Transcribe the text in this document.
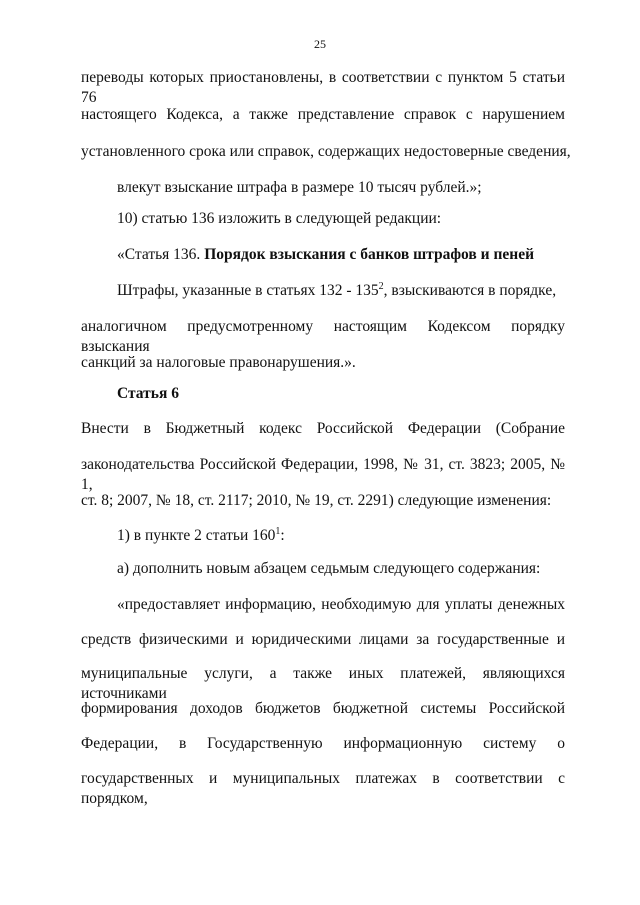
25
переводы которых приостановлены, в соответствии с пунктом 5 статьи 76
настоящего Кодекса, а также представление справок с нарушением
установленного срока или справок, содержащих недостоверные сведения,
влекут взыскание штрафа в размере 10 тысяч рублей.»;
10) статью 136 изложить в следующей редакции:
«Статья 136. Порядок взыскания с банков штрафов и пеней
Штрафы, указанные в статьях $132 - 135^2$, взыскиваются в порядке,
аналогичном предусмотренному настоящим Кодексом порядку взыскания
санкций за налоговые правонарушения.».
Статья 6
Внести в Бюджетный кодекс Российской Федерации (Собрание
законодательства Российской Федерации, 1998, № 31, ст. 3823; 2005, № 1,
ст. 8; 2007, № 18, ст. 2117; 2010, № 19, ст. 2291) следующие изменения:
1) в пункте 2 статьи $160^1$:
а) дополнить новым абзацем седьмым следующего содержания:
«предоставляет информацию, необходимую для уплаты денежных
средств физическими и юридическими лицами за государственные и
муниципальные услуги, а также иных платежей, являющихся источниками
формирования доходов бюджетов бюджетной системы Российской
Федерации, в Государственную информационную систему о
государственных и муниципальных платежах в соответствии с порядком,
